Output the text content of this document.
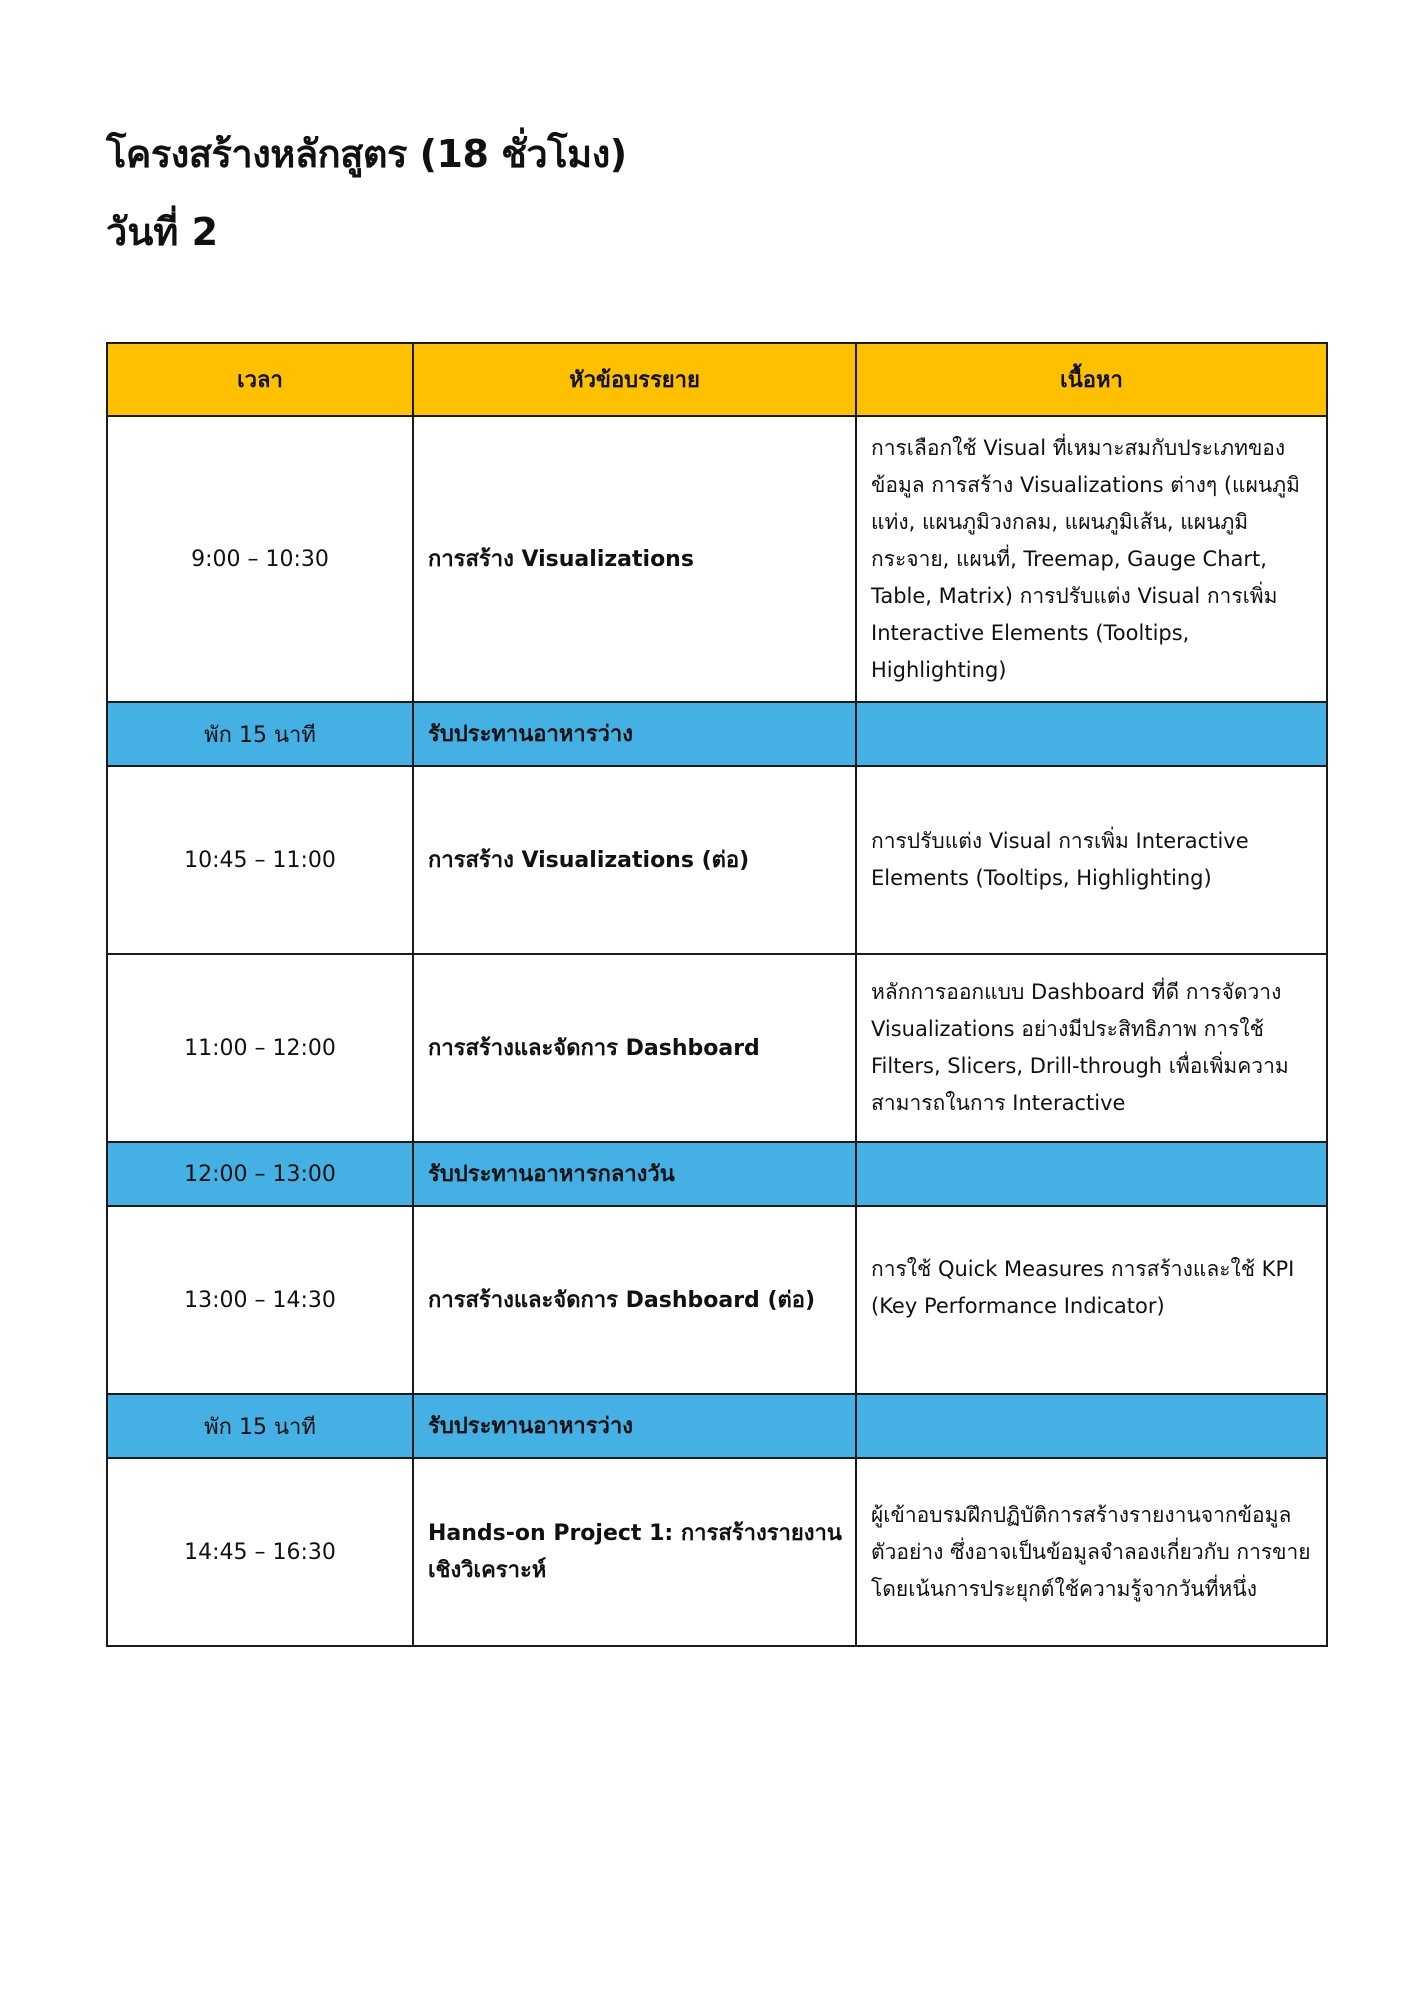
โครงสร้างหลักสูตร (18 ชั่วโมง)
วันที่ 2
เวลา	หัวข้อบรรยาย	เนื้อหา
9:00 – 10:30	การสร้าง Visualizations	การเลือกใช้ Visual ที่เหมาะสมกับประเภทของข้อมูล การสร้าง Visualizations ต่างๆ (แผนภูมิแท่ง, แผนภูมิวงกลม, แผนภูมิเส้น, แผนภูมิกระจาย, แผนที่, Treemap, Gauge Chart, Table, Matrix) การปรับแต่ง Visual การเพิ่ม Interactive Elements (Tooltips, Highlighting)
พัก 15 นาที	รับประทานอาหารว่าง	
10:45 – 11:00	การสร้าง Visualizations (ต่อ)	การปรับแต่ง Visual การเพิ่ม Interactive Elements (Tooltips, Highlighting)
11:00 – 12:00	การสร้างและจัดการ Dashboard	หลักการออกแบบ Dashboard ที่ดี การจัดวาง Visualizations อย่างมีประสิทธิภาพ การใช้ Filters, Slicers, Drill-through เพื่อเพิ่มความสามารถในการ Interactive
12:00 – 13:00	รับประทานอาหารกลางวัน	
13:00 – 14:30	การสร้างและจัดการ Dashboard (ต่อ)	การใช้ Quick Measures การสร้างและใช้ KPI (Key Performance Indicator)
พัก 15 นาที	รับประทานอาหารว่าง	
14:45 – 16:30	Hands-on Project 1: การสร้างรายงานเชิงวิเคราะห์	ผู้เข้าอบรมฝึกปฏิบัติการสร้างรายงานจากข้อมูลตัวอย่าง ซึ่งอาจเป็นข้อมูลจำลองเกี่ยวกับ การขาย โดยเน้นการประยุกต์ใช้ความรู้จากวันที่หนึ่ง
